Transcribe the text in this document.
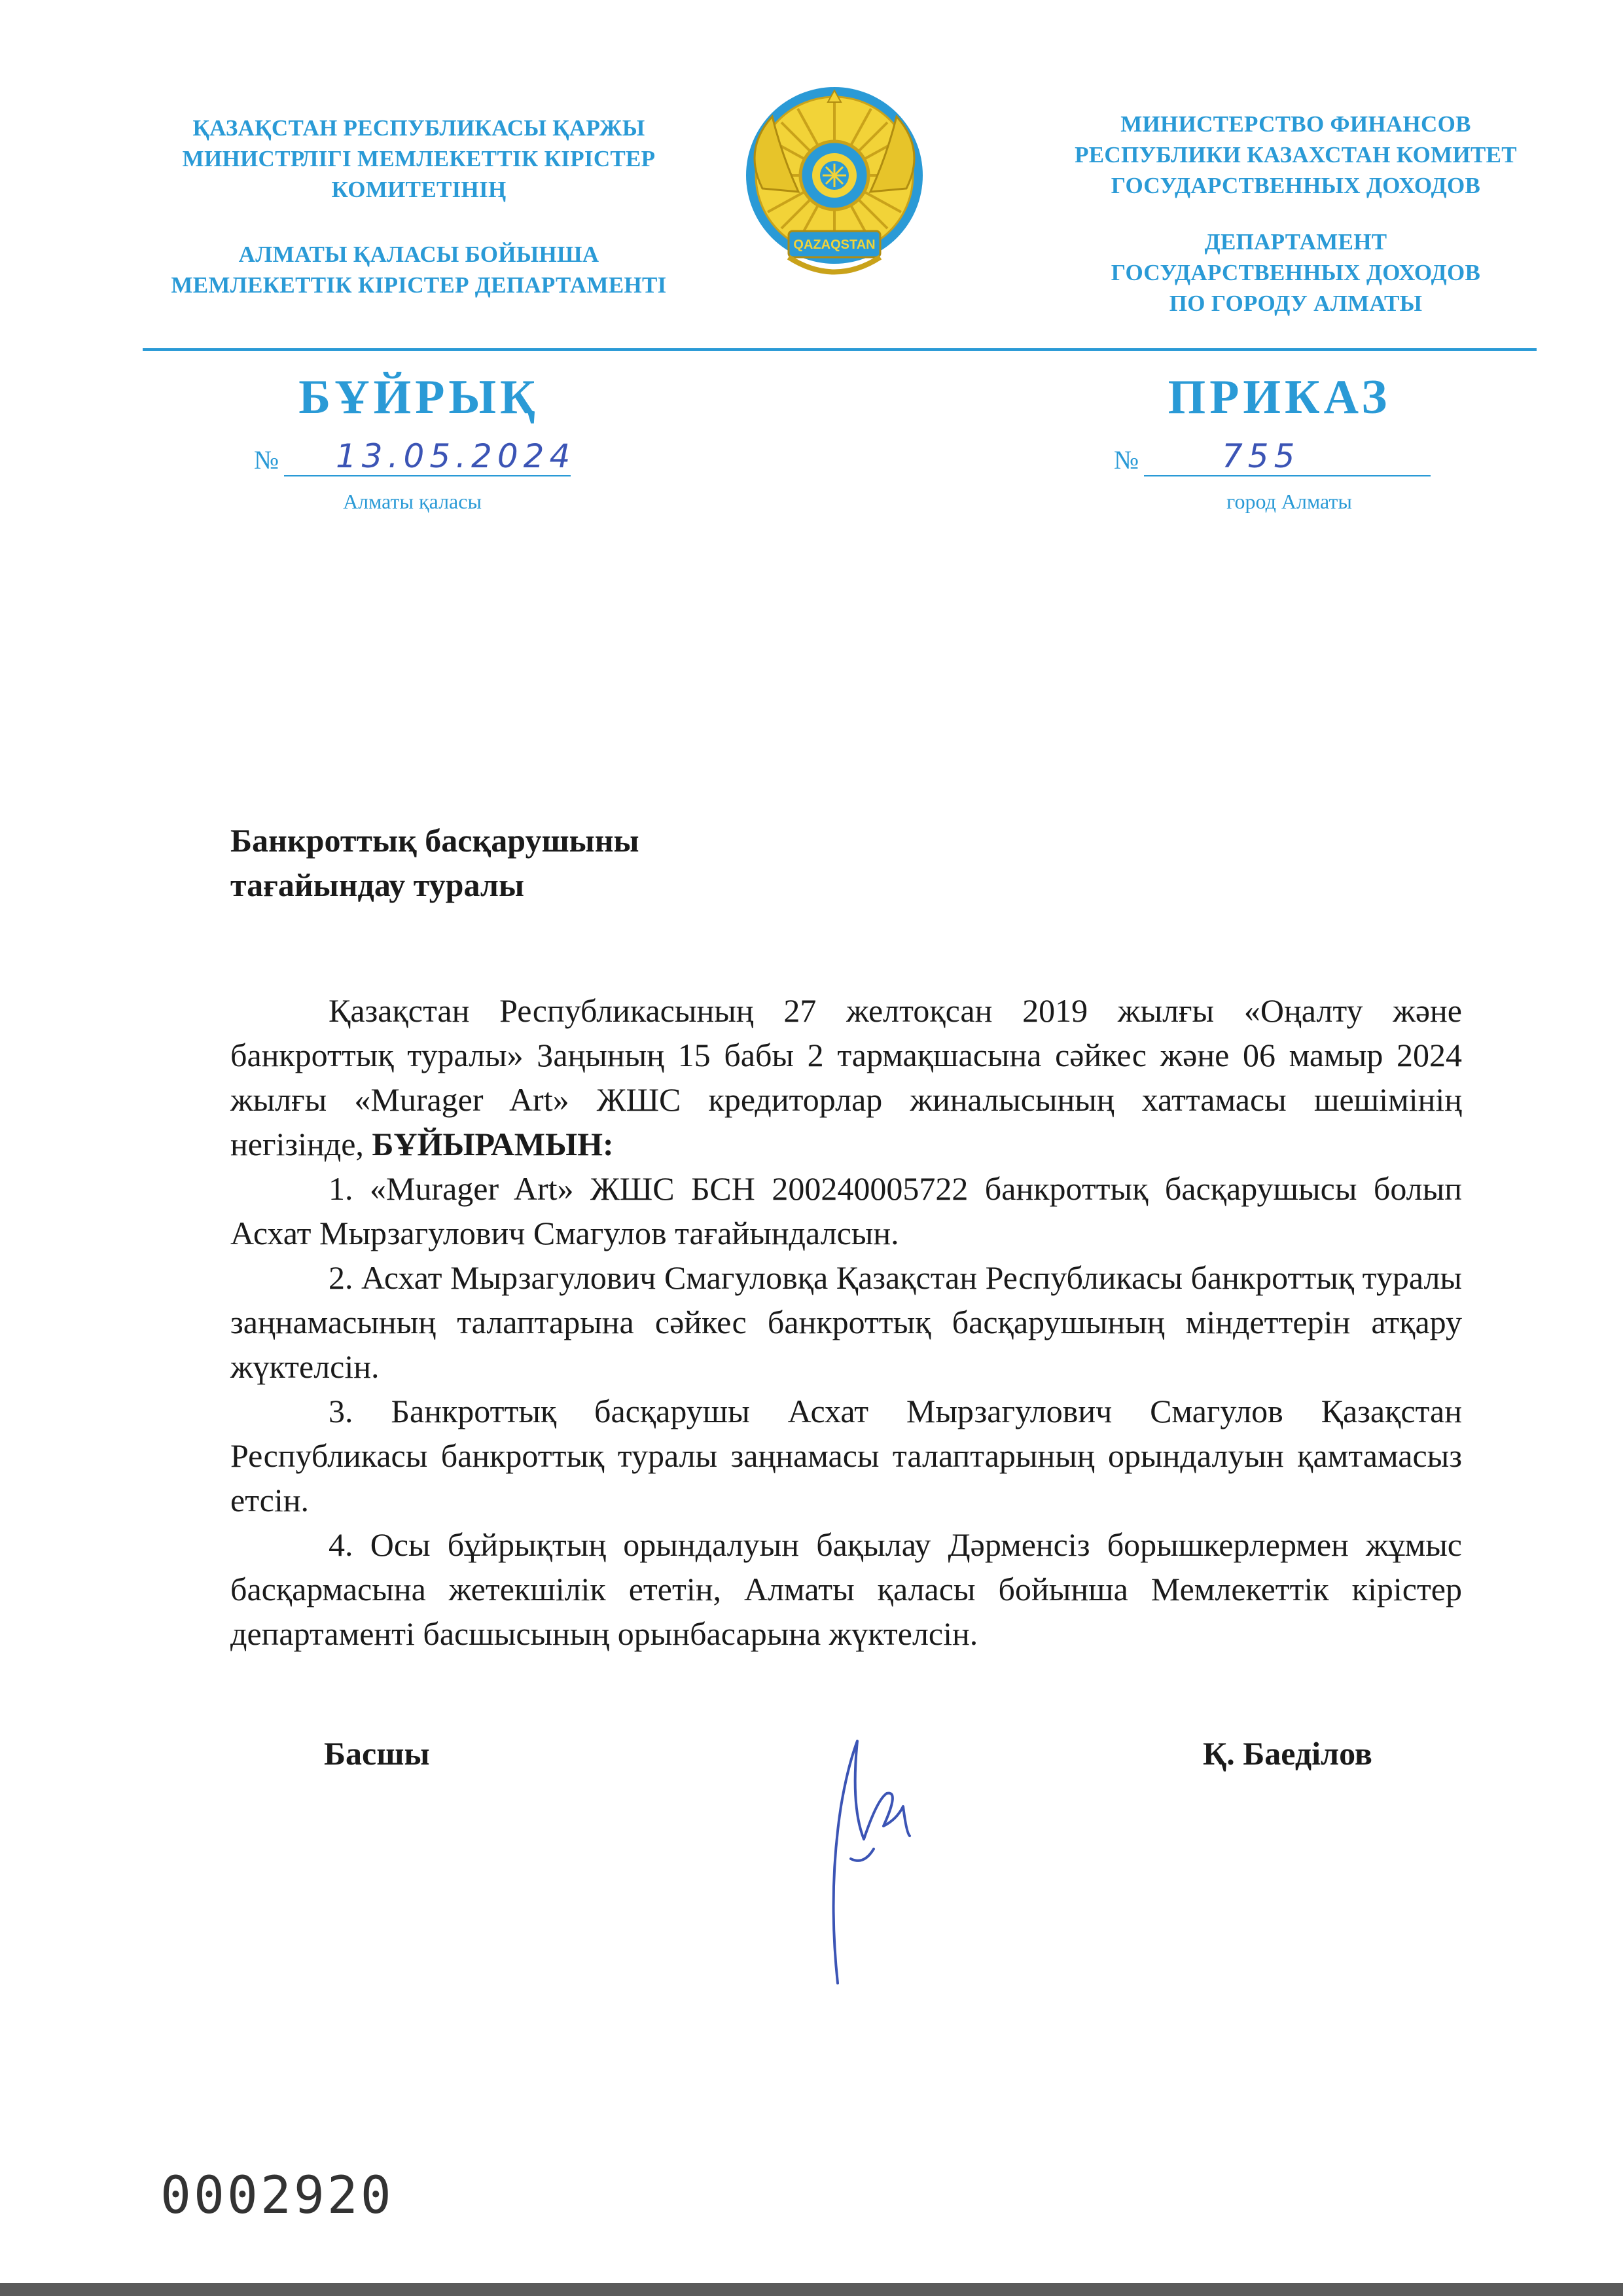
ҚАЗАҚСТАН РЕСПУБЛИКАСЫ ҚАРЖЫ
МИНИСТРЛІГІ МЕМЛЕКЕТТІК КІРІСТЕР
КОМИТЕТІНІҢ
АЛМАТЫ ҚАЛАСЫ БОЙЫНША
МЕМЛЕКЕТТІК КІРІСТЕР ДЕПАРТАМЕНТІ
QAZAQSTAN
МИНИСТЕРСТВО ФИНАНСОВ
РЕСПУБЛИКИ КАЗАХСТАН КОМИТЕТ
ГОСУДАРСТВЕННЫХ ДОХОДОВ
ДЕПАРТАМЕНТ
ГОСУДАРСТВЕННЫХ ДОХОДОВ
ПО ГОРОДУ АЛМАТЫ
БҰЙРЫҚ	ПРИКАЗ
№ 13.05.2024	№	755
Алматы қаласы	город Алматы
Банкроттық басқарушыны
тағайындау туралы

Қазақстан Республикасының 27 желтоқсан 2019 жылғы «Оңалту және банкроттық туралы» Заңының 15 бабы 2 тармақшасына сәйкес және 06 мамыр 2024 жылғы «Murager Art» ЖШС кредиторлар жиналысының хаттамасы шешімінің негізінде, БҰЙЫРАМЫН:

1. «Murager Art» ЖШС БСН 200240005722 банкроттық басқарушысы болып Асхат Мырзагулович Смагулов тағайындалсын.

2. Асхат Мырзагулович Смагуловқа Қазақстан Республикасы банкроттық туралы заңнамасының талаптарына сәйкес банкроттық басқарушының міндеттерін атқару жүктелсін.

3. Банкроттық басқарушы Асхат Мырзагулович Смагулов Қазақстан Республикасы банкроттық туралы заңнамасы талаптарының орындалуын қамтамасыз етсін.

4. Осы бұйрықтың орындалуын бақылау Дәрменсіз борышкерлермен жұмыс басқармасына жетекшілік ететін, Алматы қаласы бойынша Мемлекеттік кірістер департаменті басшысының орынбасарына жүктелсін.

Басшы	Қ. Баеділов
0002920
